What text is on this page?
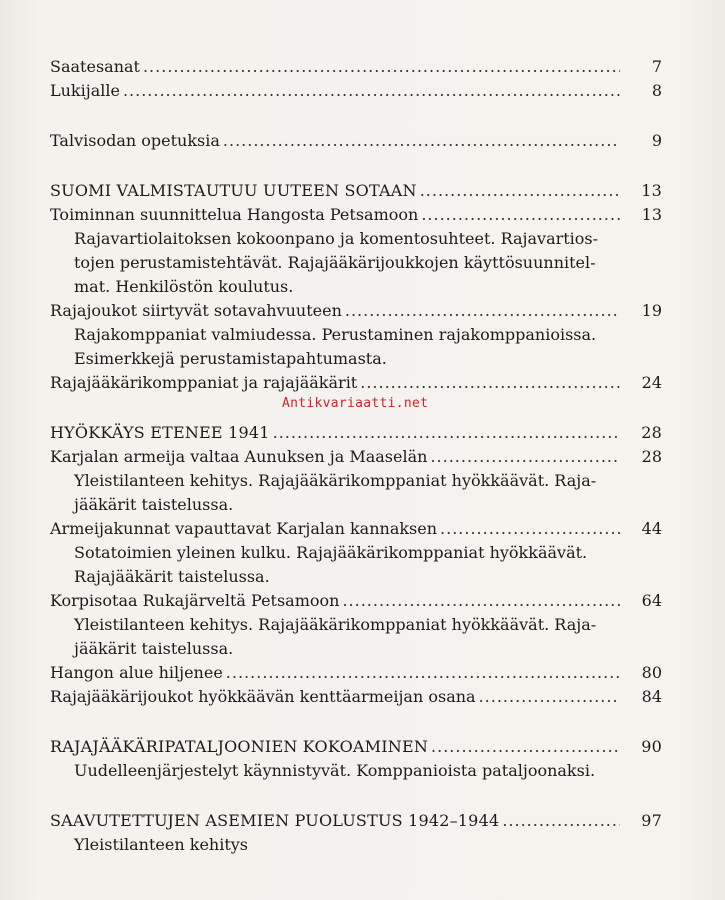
Saatesanat .....	7
Lukijalle .....	8
Talvisodan opetuksia .....	9
SUOMI VALMISTAUTUU UUTEEN SOTAAN .....	13
Toiminnan suunnittelua Hangosta Petsamoon .....	13
Rajavartiolaitoksen kokoonpano ja komentosuhteet. Rajavartios-
tojen perustamistehtävät. Rajajääkärijoukkojen käyttösuunnitel-
mat. Henkilöstön koulutus.
Rajajoukot siirtyvät sotavahvuuteen .....	19
Rajakomppaniat valmiudessa. Perustaminen rajakomppanioissa.
Esimerkkejä perustamistapahtumasta.
Rajajääkärikomppaniat ja rajajääkärit .....	24
HYÖKKÄYS ETENEE 1941 .....	28
Karjalan armeija valtaa Aunuksen ja Maaselän .....	28
Yleistilanteen kehitys. Rajajääkärikomppaniat hyökkäävät. Raja-
jääkärit taistelussa.
Armeijakunnat vapauttavat Karjalan kannaksen .....	44
Sotatoimien yleinen kulku. Rajajääkärikomppaniat hyökkäävät.
Rajajääkärit taistelussa.
Korpisotaa Rukajärveltä Petsamoon .....	64
Yleistilanteen kehitys. Rajajääkärikomppaniat hyökkäävät. Raja-
jääkärit taistelussa.
Hangon alue hiljenee .....	80
Rajajääkärijoukot hyökkäävän kenttäarmeijan osana .....	84
RAJAJÄÄKÄRIPATALJOONIEN KOKOAMINEN .....	90
Uudelleenjärjestelyt käynnistyvät. Komppanioista pataljoonaksi.
SAAVUTETTUJEN ASEMIEN PUOLUSTUS 1942–1944 .....	97
Yleistilanteen kehitys
Antikvariaatti.net
